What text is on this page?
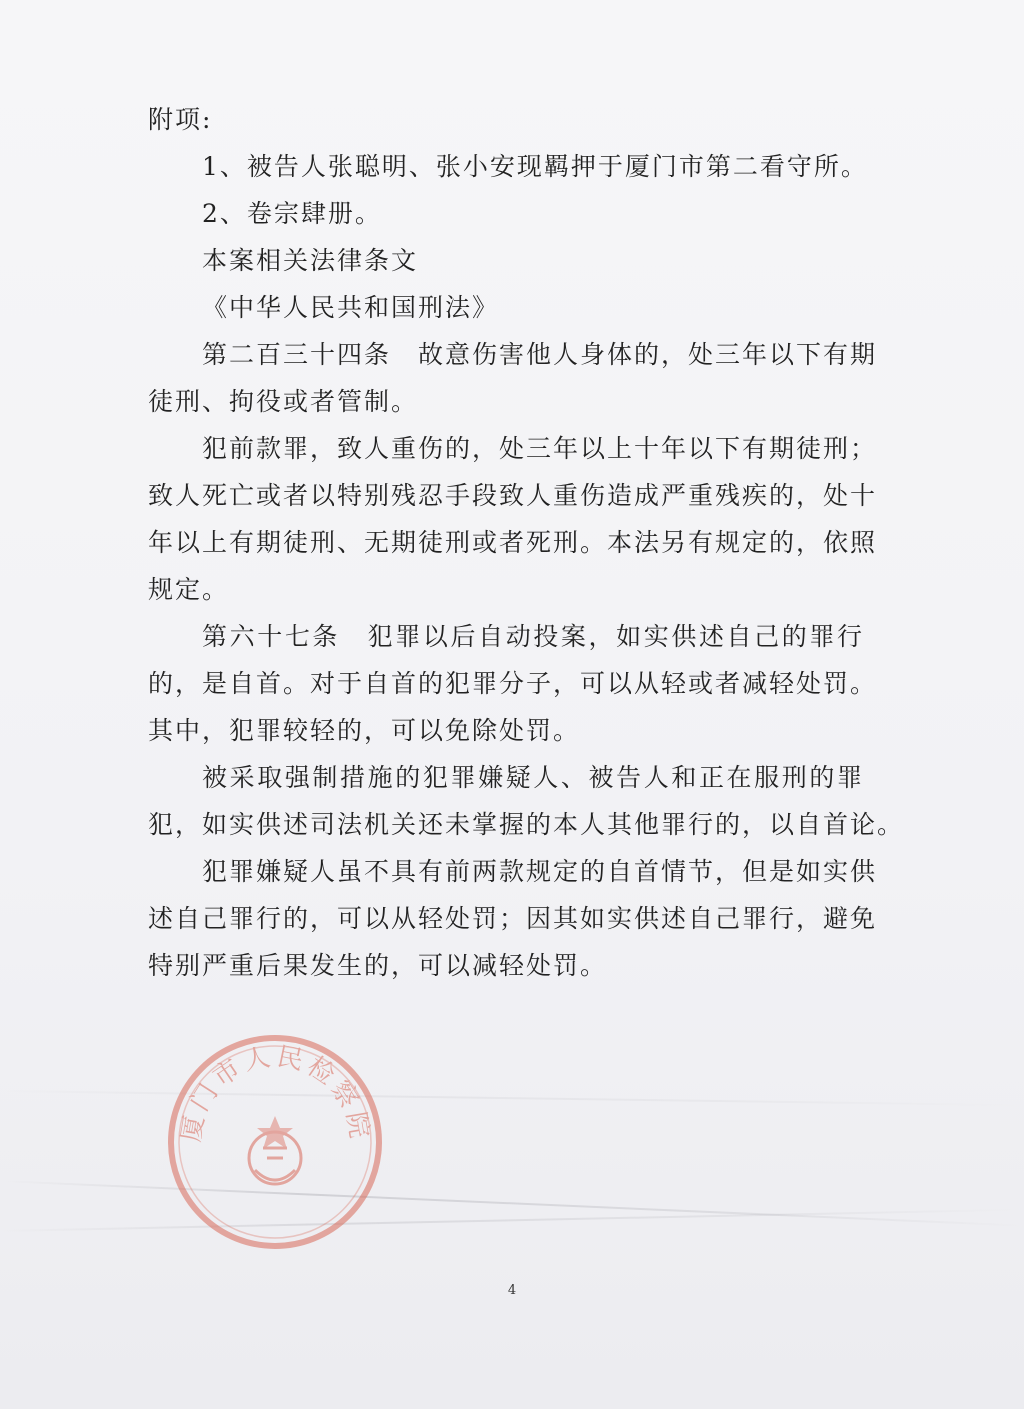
附项:
1、被告人张聪明、张小安现羁押于厦门市第二看守所。
2、卷宗肆册。
本案相关法律条文
《中华人民共和国刑法》
第二百三十四条　故意伤害他人身体的，处三年以下有期
徒刑、拘役或者管制。
犯前款罪，致人重伤的，处三年以上十年以下有期徒刑；
致人死亡或者以特别残忍手段致人重伤造成严重残疾的，处十
年以上有期徒刑、无期徒刑或者死刑。本法另有规定的，依照
规定。
第六十七条　犯罪以后自动投案，如实供述自己的罪行
的，是自首。对于自首的犯罪分子，可以从轻或者减轻处罚。
其中，犯罪较轻的，可以免除处罚。
被采取强制措施的犯罪嫌疑人、被告人和正在服刑的罪
犯，如实供述司法机关还未掌握的本人其他罪行的，以自首论。
犯罪嫌疑人虽不具有前两款规定的自首情节，但是如实供
述自己罪行的，可以从轻处罚；因其如实供述自己罪行，避免
特别严重后果发生的，可以减轻处罚。
厦门市人民检察院
4
